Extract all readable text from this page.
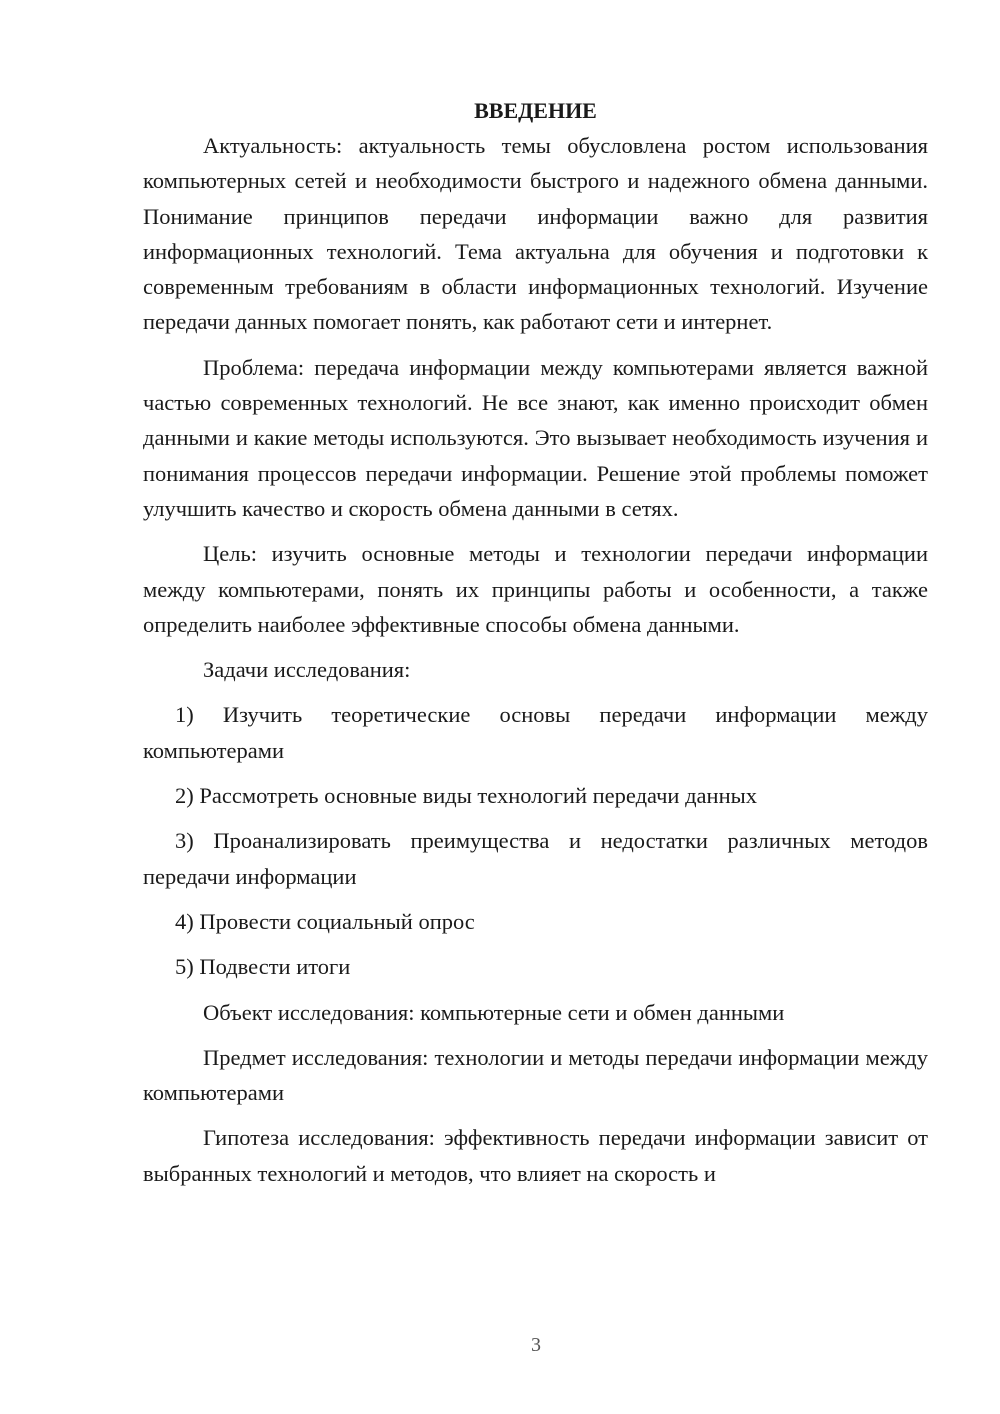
ВВЕДЕНИЕ

Актуальность: актуальность темы обусловлена ростом использования компьютерных сетей и необходимости быстрого и надежного обмена данными. Понимание принципов передачи информации важно для развития информационных технологий. Тема актуальна для обучения и подготовки к современным требованиям в области информационных технологий. Изучение передачи данных помогает понять, как работают сети и интернет.

Проблема: передача информации между компьютерами является важной частью современных технологий. Не все знают, как именно происходит обмен данными и какие методы используются. Это вызывает необходимость изучения и понимания процессов передачи информации. Решение этой проблемы поможет улучшить качество и скорость обмена данными в сетях.

Цель: изучить основные методы и технологии передачи информации между компьютерами, понять их принципы работы и особенности, а также определить наиболее эффективные способы обмена данными.

Задачи исследования:

1) Изучить теоретические основы передачи информации между компьютерами

2) Рассмотреть основные виды технологий передачи данных

3) Проанализировать преимущества и недостатки различных методов передачи информации

4) Провести социальный опрос

5) Подвести итоги

Объект исследования: компьютерные сети и обмен данными

Предмет исследования: технологии и методы передачи информации между компьютерами

Гипотеза исследования: эффективность передачи информации зависит от выбранных технологий и методов, что влияет на скорость и

3
